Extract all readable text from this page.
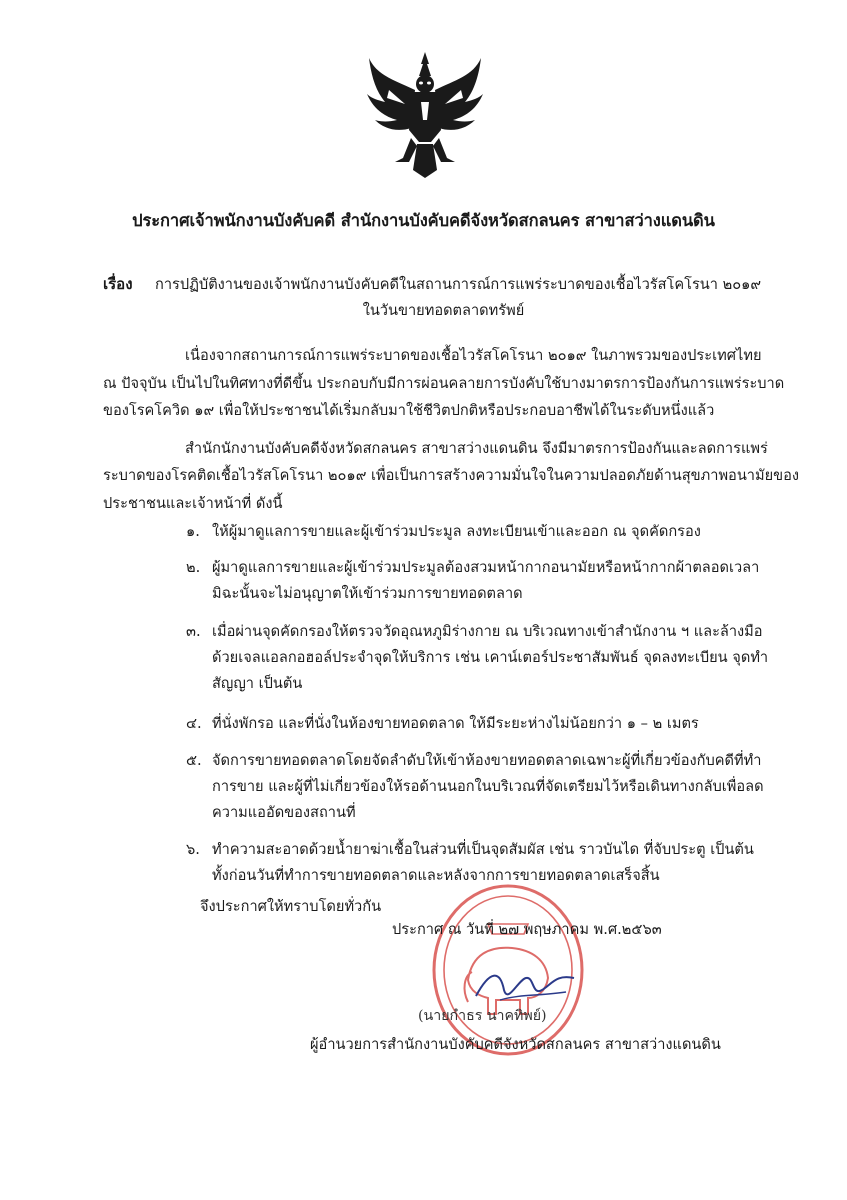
ประกาศเจ้าพนักงานบังคับคดี สำนักงานบังคับคดีจังหวัดสกลนคร สาขาสว่างแดนดิน
เรื่อง การปฏิบัติงานของเจ้าพนักงานบังคับคดีในสถานการณ์การแพร่ระบาดของเชื้อไวรัสโคโรนา ๒๐๑๙
ในวันขายทอดตลาดทรัพย์
เนื่องจากสถานการณ์การแพร่ระบาดของเชื้อไวรัสโคโรนา ๒๐๑๙ ในภาพรวมของประเทศไทย
ณ ปัจจุบัน เป็นไปในทิศทางที่ดีขึ้น ประกอบกับมีการผ่อนคลายการบังคับใช้บางมาตรการป้องกันการแพร่ระบาด
ของโรคโควิด ๑๙ เพื่อให้ประชาชนได้เริ่มกลับมาใช้ชีวิตปกติหรือประกอบอาชีพได้ในระดับหนึ่งแล้ว
สำนักนักงานบังคับคดีจังหวัดสกลนคร สาขาสว่างแดนดิน จึงมีมาตรการป้องกันและลดการแพร่
ระบาดของโรคติดเชื้อไวรัสโคโรนา ๒๐๑๙ เพื่อเป็นการสร้างความมั่นใจในความปลอดภัยด้านสุขภาพอนามัยของ
ประชาชนและเจ้าหน้าที่ ดังนี้
๑. ให้ผู้มาดูแลการขายและผู้เข้าร่วมประมูล ลงทะเบียนเข้าและออก ณ จุดคัดกรอง
๒. ผู้มาดูแลการขายและผู้เข้าร่วมประมูลต้องสวมหน้ากากอนามัยหรือหน้ากากผ้าตลอดเวลา
มิฉะนั้นจะไม่อนุญาตให้เข้าร่วมการขายทอดตลาด
๓. เมื่อผ่านจุดคัดกรองให้ตรวจวัดอุณหภูมิร่างกาย ณ บริเวณทางเข้าสำนักงาน ฯ และล้างมือ
ด้วยเจลแอลกอฮอล์ประจำจุดให้บริการ เช่น เคาน์เตอร์ประชาสัมพันธ์ จุดลงทะเบียน จุดทำ
สัญญา เป็นต้น
๔. ที่นั่งพักรอ และที่นั่งในห้องขายทอดตลาด ให้มีระยะห่างไม่น้อยกว่า ๑ – ๒ เมตร
๕. จัดการขายทอดตลาดโดยจัดลำดับให้เข้าห้องขายทอดตลาดเฉพาะผู้ที่เกี่ยวข้องกับคดีที่ทำ
การขาย และผู้ที่ไม่เกี่ยวข้องให้รอด้านนอกในบริเวณที่จัดเตรียมไว้หรือเดินทางกลับเพื่อลด
ความแออัดของสถานที่
๖. ทำความสะอาดด้วยน้ำยาฆ่าเชื้อในส่วนที่เป็นจุดสัมผัส เช่น ราวบันได ที่จับประตู เป็นต้น
ทั้งก่อนวันที่ทำการขายทอดตลาดและหลังจากการขายทอดตลาดเสร็จสิ้น
จึงประกาศให้ทราบโดยทั่วกัน
ประกาศ ณ วันที่ ๒๗ พฤษภาคม พ.ศ.๒๕๖๓
(นายกำธร นาคทิพย์)
ผู้อำนวยการสำนักงานบังคับคดีจังหวัดสกลนคร สาขาสว่างแดนดิน
